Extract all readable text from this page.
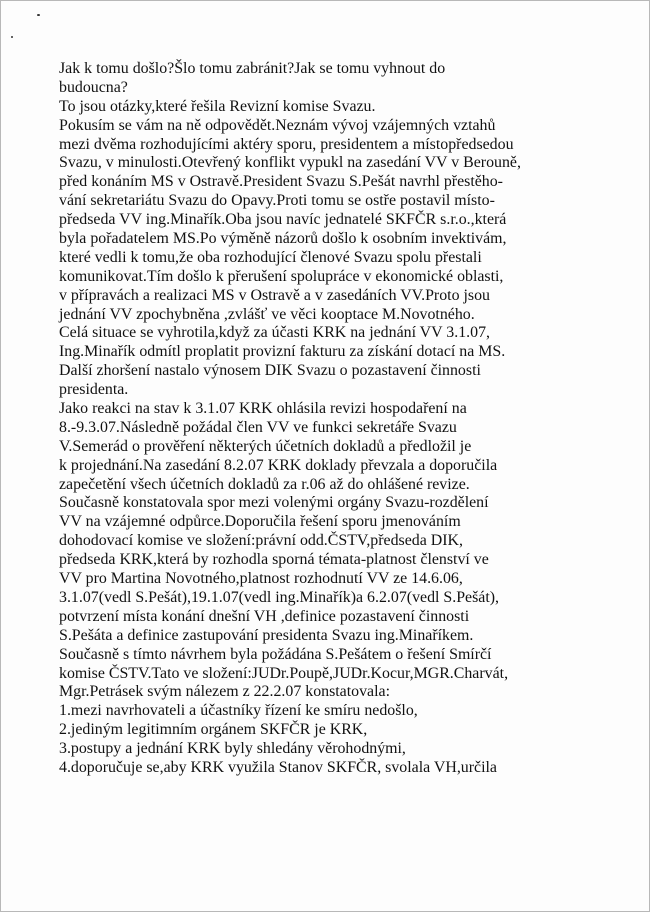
Jak k tomu došlo?Šlo tomu zabránit?Jak se tomu vyhnout do
budoucna?
To jsou otázky,které řešila Revizní komise Svazu.
Pokusím se vám na ně odpovědět.Neznám vývoj vzájemných vztahů
mezi dvěma rozhodujícími aktéry sporu, presidentem a místopředsedou
Svazu, v minulosti.Otevřený konflikt vypukl na zasedání VV v Berouně,
před konáním MS v Ostravě.President Svazu S.Pešát navrhl přestěho-
vání sekretariátu Svazu do Opavy.Proti tomu se ostře postavil místo-
předseda VV ing.Minařík.Oba jsou navíc jednatelé SKFČR s.r.o.,která
byla pořadatelem MS.Po výměně názorů došlo k osobním invektivám,
které vedli k tomu,že oba rozhodující členové Svazu spolu přestali
komunikovat.Tím došlo k přerušení spolupráce v ekonomické oblasti,
v přípravách a realizaci MS v Ostravě a v zasedáních VV.Proto jsou
jednání VV zpochybněna ,zvlášť ve věci kooptace M.Novotného.
Celá situace se vyhrotila,když za účasti KRK na jednání VV 3.1.07,
Ing.Minařík odmítl proplatit provizní fakturu za získání dotací na MS.
Další zhoršení nastalo výnosem DIK Svazu o pozastavení činnosti
presidenta.
Jako reakci na stav k 3.1.07 KRK ohlásila revizi hospodaření na
8.-9.3.07.Následně požádal člen VV ve funkci sekretáře Svazu
V.Semerád o prověření některých účetních dokladů a předložil je
k projednání.Na zasedání 8.2.07 KRK doklady převzala a doporučila
zapečetění všech účetních dokladů za r.06 až do ohlášené revize.
Současně konstatovala spor mezi volenými orgány Svazu-rozdělení
VV na vzájemné odpůrce.Doporučila řešení sporu jmenováním
dohodovací komise ve složení:právní odd.ČSTV,předseda DIK,
předseda KRK,která by rozhodla sporná témata-platnost členství ve
VV pro Martina Novotného,platnost rozhodnutí VV ze 14.6.06,
3.1.07(vedl S.Pešát),19.1.07(vedl ing.Minařík)a 6.2.07(vedl S.Pešát),
potvrzení místa konání dnešní VH ,definice pozastavení činnosti
S.Pešáta a definice zastupování presidenta Svazu ing.Minaříkem.
Současně s tímto návrhem byla požádána S.Pešátem o řešení Smírčí
komise ČSTV.Tato ve složení:JUDr.Poupě,JUDr.Kocur,MGR.Charvát,
Mgr.Petrásek svým nálezem z 22.2.07 konstatovala:
1.mezi navrhovateli a účastníky řízení ke smíru nedošlo,
2.jediným legitimním orgánem SKFČR je KRK,
3.postupy a jednání KRK byly shledány věrohodnými,
4.doporučuje se,aby KRK využila Stanov SKFČR, svolala VH,určila
